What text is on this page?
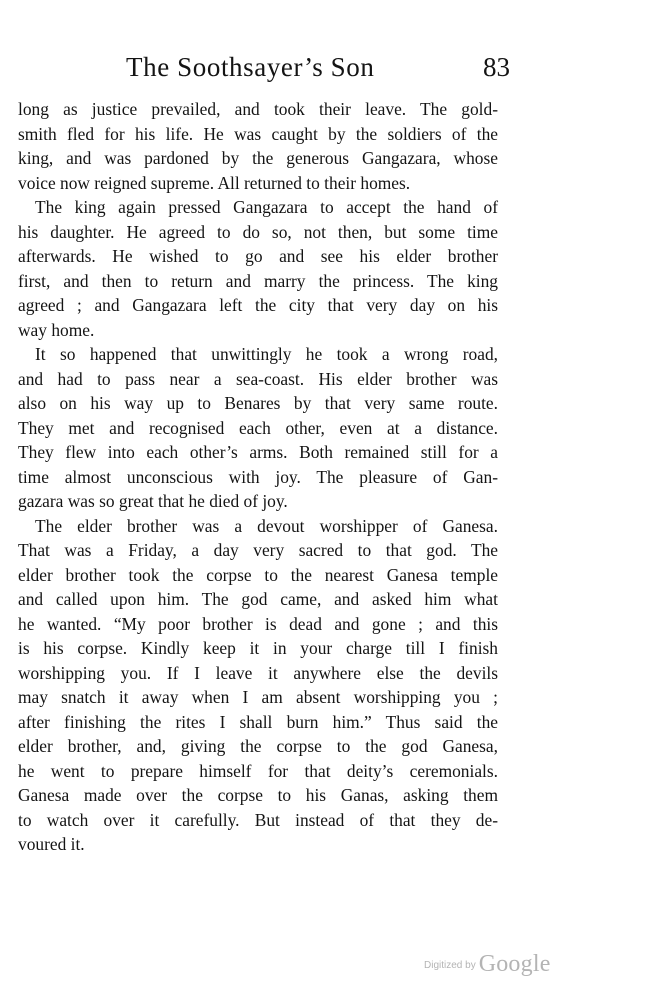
The Soothsayer’s Son	83
long as justice prevailed, and took their leave. The gold-
smith fled for his life. He was caught by the soldiers of the
king, and was pardoned by the generous Gangazara, whose
voice now reigned supreme. All returned to their homes.
The king again pressed Gangazara to accept the hand of
his daughter. He agreed to do so, not then, but some time
afterwards. He wished to go and see his elder brother
first, and then to return and marry the princess. The king
agreed ; and Gangazara left the city that very day on his
way home.
It so happened that unwittingly he took a wrong road,
and had to pass near a sea-coast. His elder brother was
also on his way up to Benares by that very same route.
They met and recognised each other, even at a distance.
They flew into each other’s arms. Both remained still for a
time almost unconscious with joy. The pleasure of Gan-
gazara was so great that he died of joy.
The elder brother was a devout worshipper of Ganesa.
That was a Friday, a day very sacred to that god. The
elder brother took the corpse to the nearest Ganesa temple
and called upon him. The god came, and asked him what
he wanted. “My poor brother is dead and gone ; and this
is his corpse. Kindly keep it in your charge till I finish
worshipping you. If I leave it anywhere else the devils
may snatch it away when I am absent worshipping you ;
after finishing the rites I shall burn him.” Thus said the
elder brother, and, giving the corpse to the god Ganesa,
he went to prepare himself for that deity’s ceremonials.
Ganesa made over the corpse to his Ganas, asking them
to watch over it carefully. But instead of that they de-
voured it.
Digitized by Google
